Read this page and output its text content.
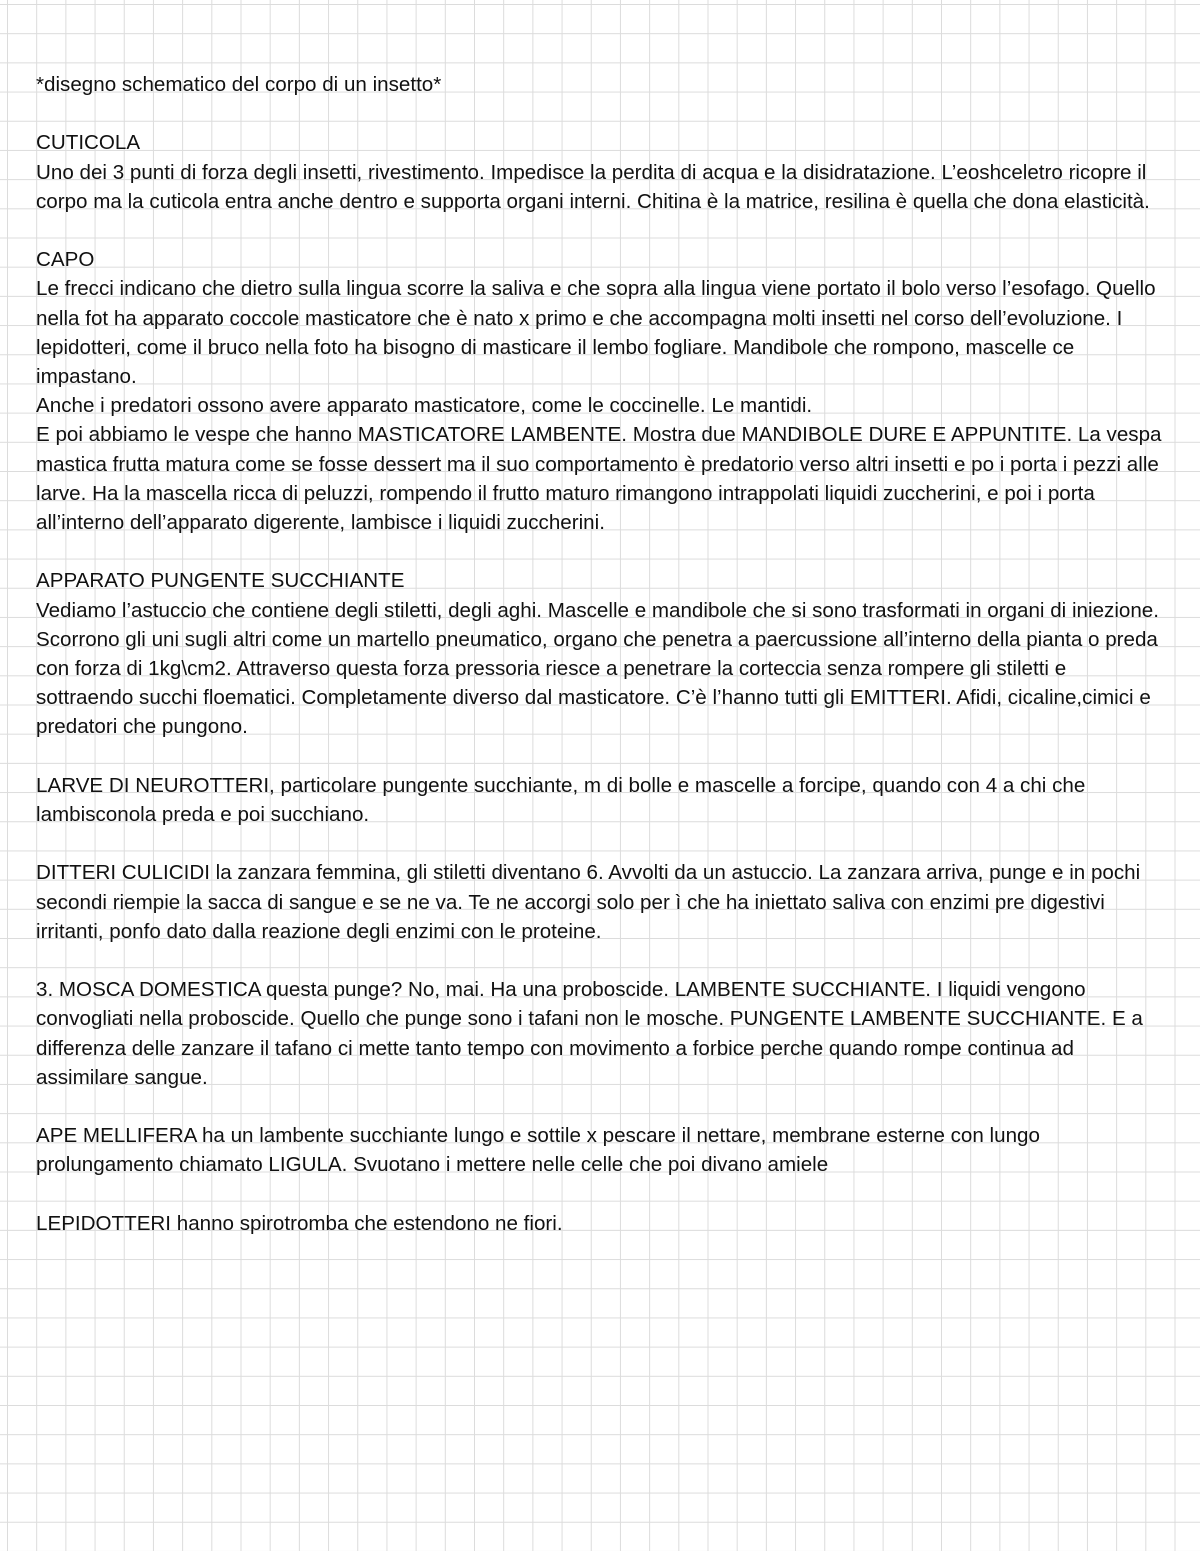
*disegno schematico del corpo di un insetto*

CUTICOLA

Uno dei 3 punti di forza degli insetti, rivestimento. Impedisce la perdita di acqua e la disidratazione. L’eoshceletro ricopre il corpo ma la cuticola entra anche dentro e supporta organi interni. Chitina è la matrice, resilina è quella che dona elasticità.

CAPO

Le frecci indicano che dietro sulla lingua scorre la saliva e che sopra alla lingua viene portato il bolo verso l’esofago. Quello nella fot ha apparato coccole masticatore che è nato x primo e che accompagna molti insetti nel corso dell’evoluzione. I lepidotteri, come il bruco nella foto ha bisogno di masticare il lembo fogliare. Mandibole che rompono, mascelle ce impastano.

Anche i predatori ossono avere apparato masticatore, come le coccinelle. Le mantidi.

E poi abbiamo le vespe che hanno MASTICATORE LAMBENTE. Mostra due MANDIBOLE DURE E APPUNTITE. La vespa mastica frutta matura come se fosse dessert ma il suo comportamento è predatorio verso altri insetti e po i porta i pezzi alle larve. Ha la mascella ricca di peluzzi, rompendo il frutto maturo rimangono intrappolati liquidi zuccherini, e poi i porta all’interno dell’apparato digerente, lambisce i liquidi zuccherini.

APPARATO PUNGENTE SUCCHIANTE

Vediamo l’astuccio che contiene degli stiletti, degli aghi. Mascelle e mandibole che si sono trasformati in organi di iniezione. Scorrono gli uni sugli altri come un martello pneumatico, organo che penetra a paercussione all’interno della pianta o preda con forza di 1kg\cm2. Attraverso questa forza pressoria riesce a penetrare la corteccia senza rompere gli stiletti e sottraendo succhi floematici. Completamente diverso dal masticatore. C’è l’hanno tutti gli EMITTERI. Afidi, cicaline,cimici e predatori che pungono.

LARVE DI NEUROTTERI, particolare pungente succhiante, m di bolle e mascelle a forcipe, quando con 4 a chi che lambisconola preda e poi succhiano.

DITTERI CULICIDI la zanzara femmina, gli stiletti diventano 6. Avvolti da un astuccio. La zanzara arriva, punge e in pochi secondi riempie la sacca di sangue e se ne va. Te ne accorgi solo per ì che ha iniettato saliva con enzimi pre digestivi irritanti, ponfo dato dalla reazione degli enzimi con le proteine.

3. MOSCA DOMESTICA questa punge? No, mai. Ha una proboscide. LAMBENTE SUCCHIANTE. I liquidi vengono convogliati nella proboscide. Quello che punge sono i tafani non le mosche. PUNGENTE LAMBENTE SUCCHIANTE. E a differenza delle zanzare il tafano ci mette tanto tempo con movimento a forbice perche quando rompe continua ad assimilare sangue.

APE MELLIFERA ha un lambente succhiante lungo e sottile x pescare il nettare, membrane esterne con lungo prolungamento chiamato LIGULA. Svuotano i mettere nelle celle che poi divano amiele

LEPIDOTTERI hanno spirotromba che estendono ne fiori.
